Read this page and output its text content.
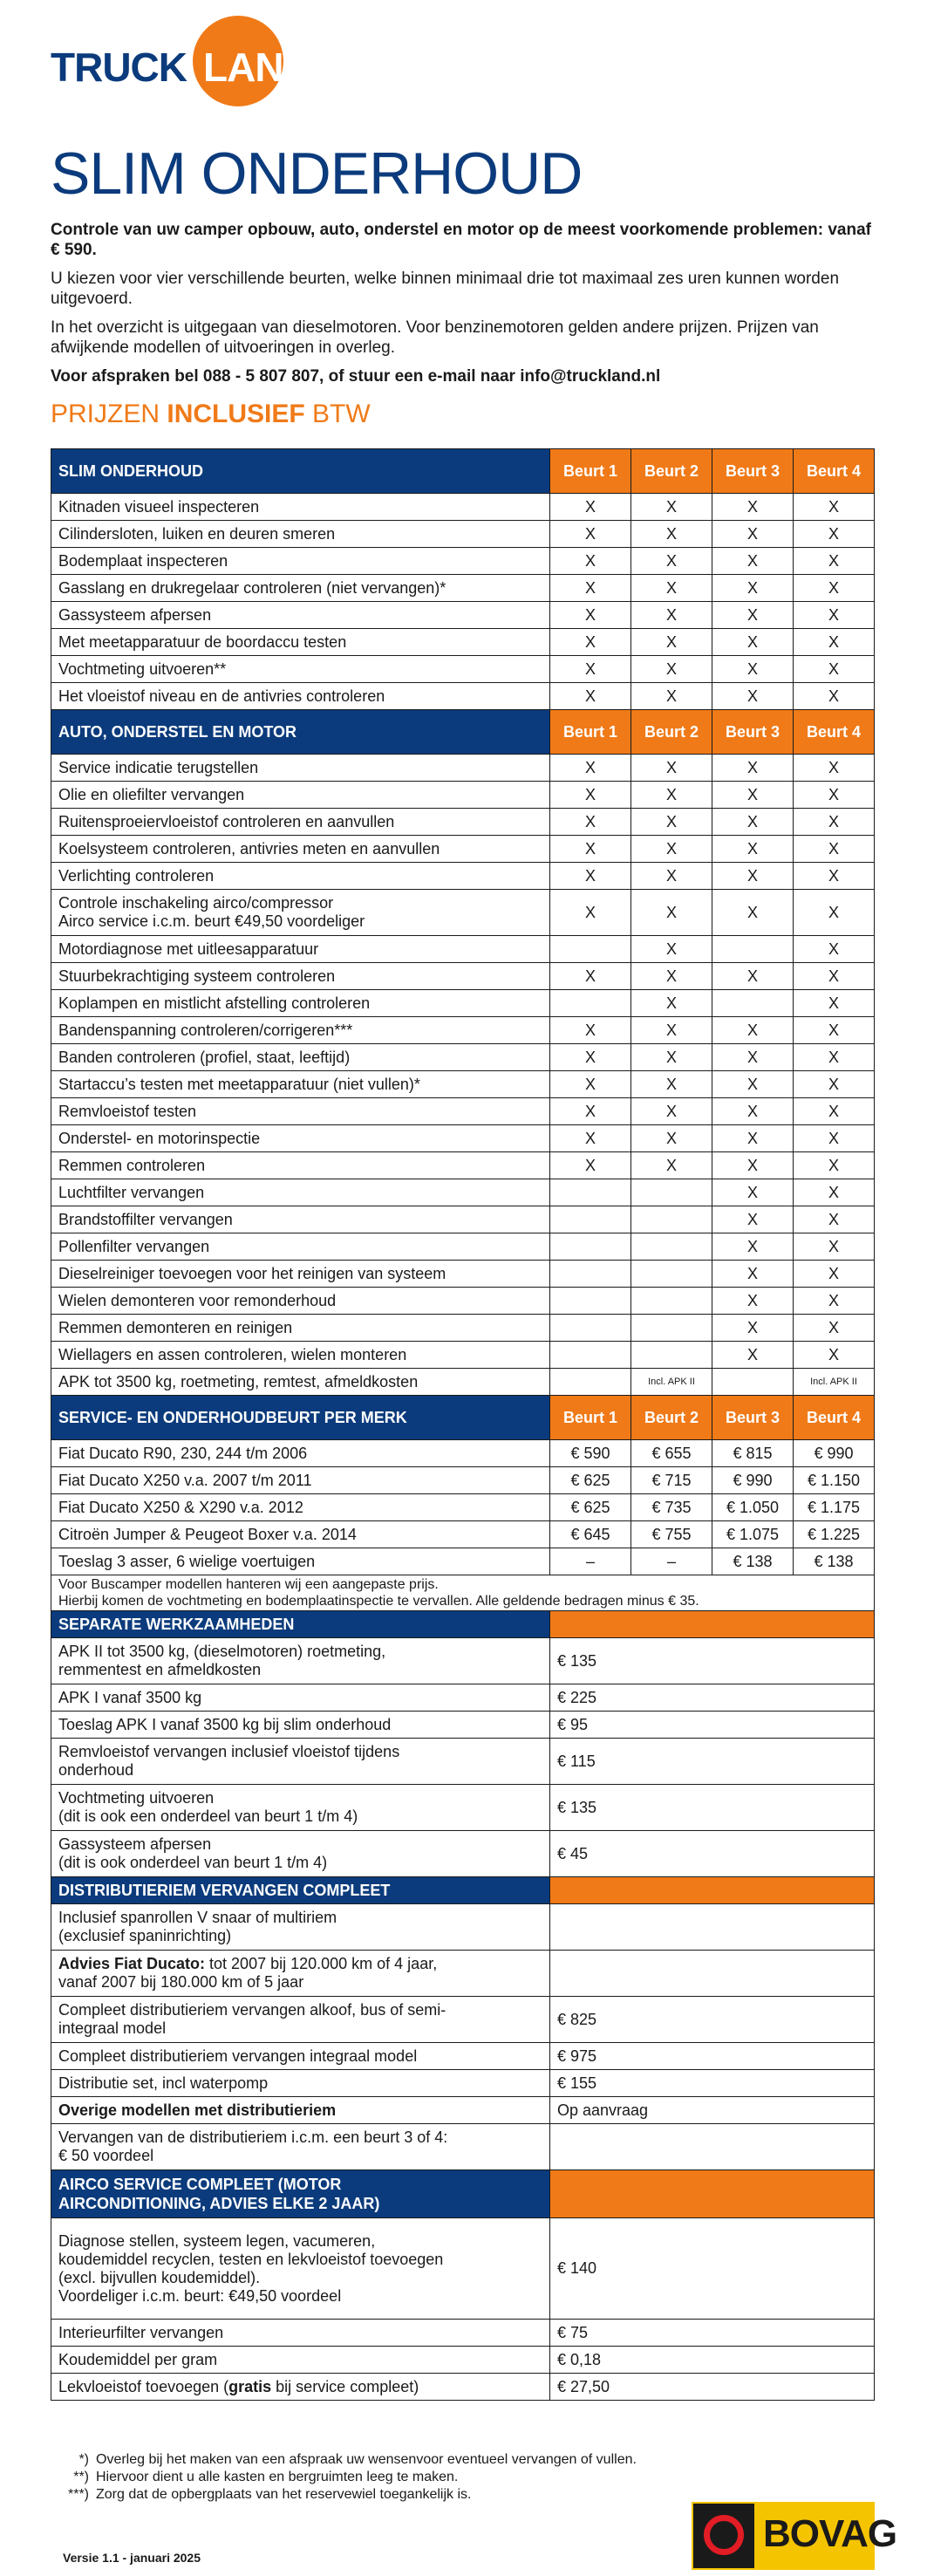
TRUCK LAND
SLIM ONDERHOUD

Controle van uw camper opbouw, auto, onderstel en motor op de meest voorkomende problemen: vanaf € 590.

U kiezen voor vier verschillende beurten, welke binnen minimaal drie tot maximaal zes uren kunnen worden uitgevoerd.

In het overzicht is uitgegaan van dieselmotoren. Voor benzinemotoren gelden andere prijzen. Prijzen van afwijkende modellen of uitvoeringen in overleg.

Voor afspraken bel 088 - 5 807 807, of stuur een e-mail naar info@truckland.nl

PRIJZEN INCLUSIEF BTW
SLIM ONDERHOUD	Beurt 1	Beurt 2	Beurt 3	Beurt 4
Kitnaden visueel inspecteren	X	X	X	X
Cilindersloten, luiken en deuren smeren	X	X	X	X
Bodemplaat inspecteren	X	X	X	X
Gasslang en drukregelaar controleren (niet vervangen)*	X	X	X	X
Gassysteem afpersen	X	X	X	X
Met meetapparatuur de boordaccu testen	X	X	X	X
Vochtmeting uitvoeren**	X	X	X	X
Het vloeistof niveau en de antivries controleren	X	X	X	X
AUTO, ONDERSTEL EN MOTOR	Beurt 1	Beurt 2	Beurt 3	Beurt 4
Service indicatie terugstellen	X	X	X	X
Olie en oliefilter vervangen	X	X	X	X
Ruitensproeiervloeistof controleren en aanvullen	X	X	X	X
Koelsysteem controleren, antivries meten en aanvullen	X	X	X	X
Verlichting controleren	X	X	X	X
Controle inschakeling airco/compressor
Airco service i.c.m. beurt €49,50 voordeliger	X	X	X	X
Motordiagnose met uitleesapparatuur		X		X
Stuurbekrachtiging systeem controleren	X	X	X	X
Koplampen en mistlicht afstelling controleren		X		X
Bandenspanning controleren/corrigeren***	X	X	X	X
Banden controleren (profiel, staat, leeftijd)	X	X	X	X
Startaccu’s testen met meetapparatuur (niet vullen)*	X	X	X	X
Remvloeistof testen	X	X	X	X
Onderstel- en motorinspectie	X	X	X	X
Remmen controleren	X	X	X	X
Luchtfilter vervangen			X	X
Brandstoffilter vervangen			X	X
Pollenfilter vervangen			X	X
Dieselreiniger toevoegen voor het reinigen van systeem			X	X
Wielen demonteren voor remonderhoud			X	X
Remmen demonteren en reinigen			X	X
Wiellagers en assen controleren, wielen monteren			X	X
APK tot 3500 kg, roetmeting, remtest, afmeldkosten		Incl. APK II		Incl. APK II
SERVICE- EN ONDERHOUDBEURT PER MERK	Beurt 1	Beurt 2	Beurt 3	Beurt 4
Fiat Ducato R90, 230, 244 t/m 2006	€ 590	€ 655	€ 815	€ 990
Fiat Ducato X250 v.a. 2007 t/m 2011	€ 625	€ 715	€ 990	€ 1.150
Fiat Ducato X250 & X290 v.a. 2012	€ 625	€ 735	€ 1.050	€ 1.175
Citroën Jumper & Peugeot Boxer v.a. 2014	€ 645	€ 755	€ 1.075	€ 1.225
Toeslag 3 asser, 6 wielige voertuigen	–	–	€ 138	€ 138
Voor Buscamper modellen hanteren wij een aangepaste prijs.
Hierbij komen de vochtmeting en bodemplaatinspectie te vervallen. Alle geldende bedragen minus € 35.				
SEPARATE WERKZAAMHEDEN	
APK II tot 3500 kg, (dieselmotoren) roetmeting,
remmentest en afmeldkosten	€ 135
APK I vanaf 3500 kg	€ 225
Toeslag APK I vanaf 3500 kg bij slim onderhoud	€ 95
Remvloeistof vervangen inclusief vloeistof tijdens
onderhoud	€ 115
Vochtmeting uitvoeren
(dit is ook een onderdeel van beurt 1 t/m 4)	€ 135
Gassysteem afpersen
(dit is ook onderdeel van beurt 1 t/m 4)	€ 45
DISTRIBUTIERIEM VERVANGEN COMPLEET	
Inclusief spanrollen V snaar of multiriem
(exclusief spaninrichting)	
Advies Fiat Ducato: tot 2007 bij 120.000 km of 4 jaar,
vanaf 2007 bij 180.000 km of 5 jaar	
Compleet distributieriem vervangen alkoof, bus of semi-
integraal model	€ 825
Compleet distributieriem vervangen integraal model	€ 975
Distributie set, incl waterpomp	€ 155
Overige modellen met distributieriem	Op aanvraag
Vervangen van de distributieriem i.c.m. een beurt 3 of 4:
€ 50 voordeel	
AIRCO SERVICE COMPLEET (MOTOR
AIRCONDITIONING, ADVIES ELKE 2 JAAR)	
Diagnose stellen, systeem legen, vacumeren,
koudemiddel recyclen, testen en lekvloeistof toevoegen
(excl. bijvullen koudemiddel).
Voordeliger i.c.m. beurt: €49,50 voordeel	€ 140
Interieurfilter vervangen	€ 75
Koudemiddel per gram	€ 0,18
Lekvloeistof toevoegen (gratis bij service compleet)	€ 27,50
*) Overleg bij het maken van een afspraak uw wensenvoor eventueel vervangen of vullen.
**) Hiervoor dient u alle kasten en bergruimten leeg te maken.
***) Zorg dat de opbergplaats van het reservewiel toegankelijk is.
Versie 1.1 - januari 2025
BOVAG
